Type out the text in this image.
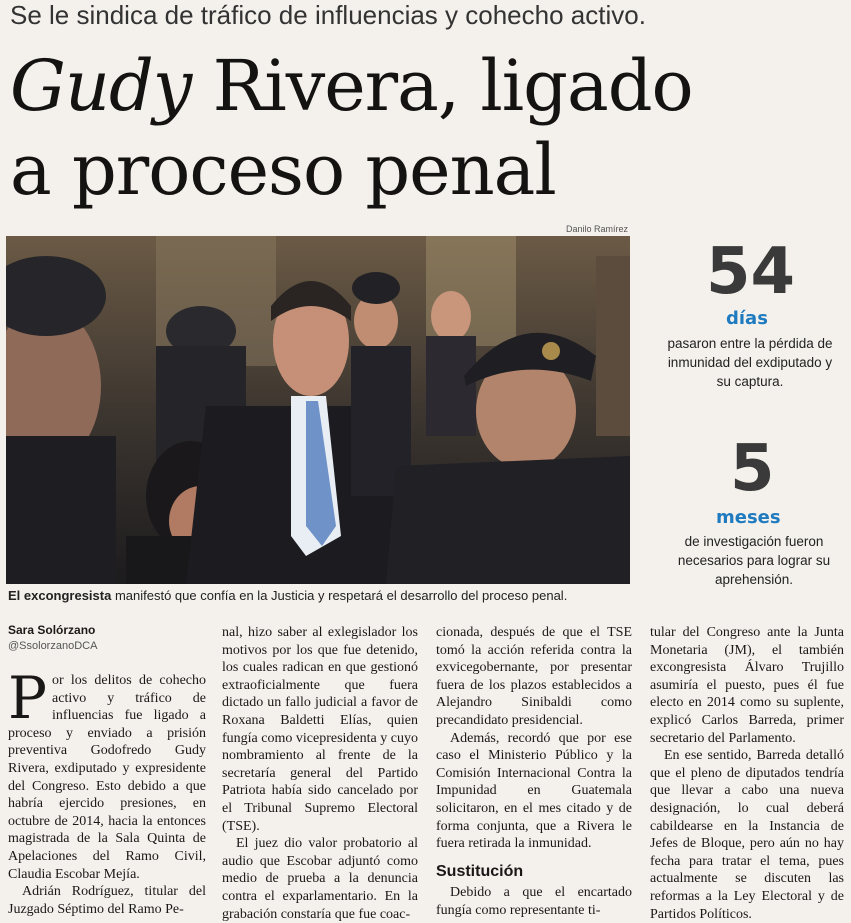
Se le sindica de tráfico de influencias y cohecho activo.
Gudy Rivera, ligado
a proceso penal
Danilo Ramírez
El excongresista manifestó que confía en la Justicia y respetará el desarrollo del proceso penal.
54
días
pasaron entre la pérdida de inmunidad del exdiputado y su captura.
5
meses
de investigación fueron necesarios para lograr su aprehensión.
Sara Solórzano
@SsolorzanoDCA

Por los delitos de cohecho activo y tráfico de influencias fue ligado a proceso y enviado a prisión preventiva Godofredo Gudy Rivera, exdiputado y expresidente del Congreso. Esto debido a que habría ejercido presiones, en octubre de 2014, hacia la entonces magistrada de la Sala Quinta de Apelaciones del Ramo Civil, Claudia Escobar Mejía.

Adrián Rodríguez, titular del Juzgado Séptimo del Ramo Pe-

nal, hizo saber al exlegislador los motivos por los que fue detenido, los cuales radican en que gestionó extraoficialmente que fuera dictado un fallo judicial a favor de Roxana Baldetti Elías, quien fungía como vicepresidenta y cuyo nombramiento al frente de la secretaría general del Partido Patriota había sido cancelado por el Tribunal Supremo Electoral (TSE).

El juez dio valor probatorio al audio que Escobar adjuntó como medio de prueba a la denuncia contra el exparlamentario. En la grabación constaría que fue coac-

cionada, después de que el TSE tomó la acción referida contra la exvicegobernante, por presentar fuera de los plazos establecidos a Alejandro Sinibaldi como precandidato presidencial.

Además, recordó que por ese caso el Ministerio Público y la Comisión Internacional Contra la Impunidad en Guatemala solicitaron, en el mes citado y de forma conjunta, que a Rivera le fuera retirada la inmunidad.

Sustitución

Debido a que el encartado fungía como representante ti-

tular del Congreso ante la Junta Monetaria (JM), el también excongresista Álvaro Trujillo asumiría el puesto, pues él fue electo en 2014 como su suplente, explicó Carlos Barreda, primer secretario del Parlamento.

En ese sentido, Barreda detalló que el pleno de diputados tendría que llevar a cabo una nueva designación, lo cual deberá cabildearse en la Instancia de Jefes de Bloque, pero aún no hay fecha para tratar el tema, pues actualmente se discuten las reformas a la Ley Electoral y de Partidos Políticos.
